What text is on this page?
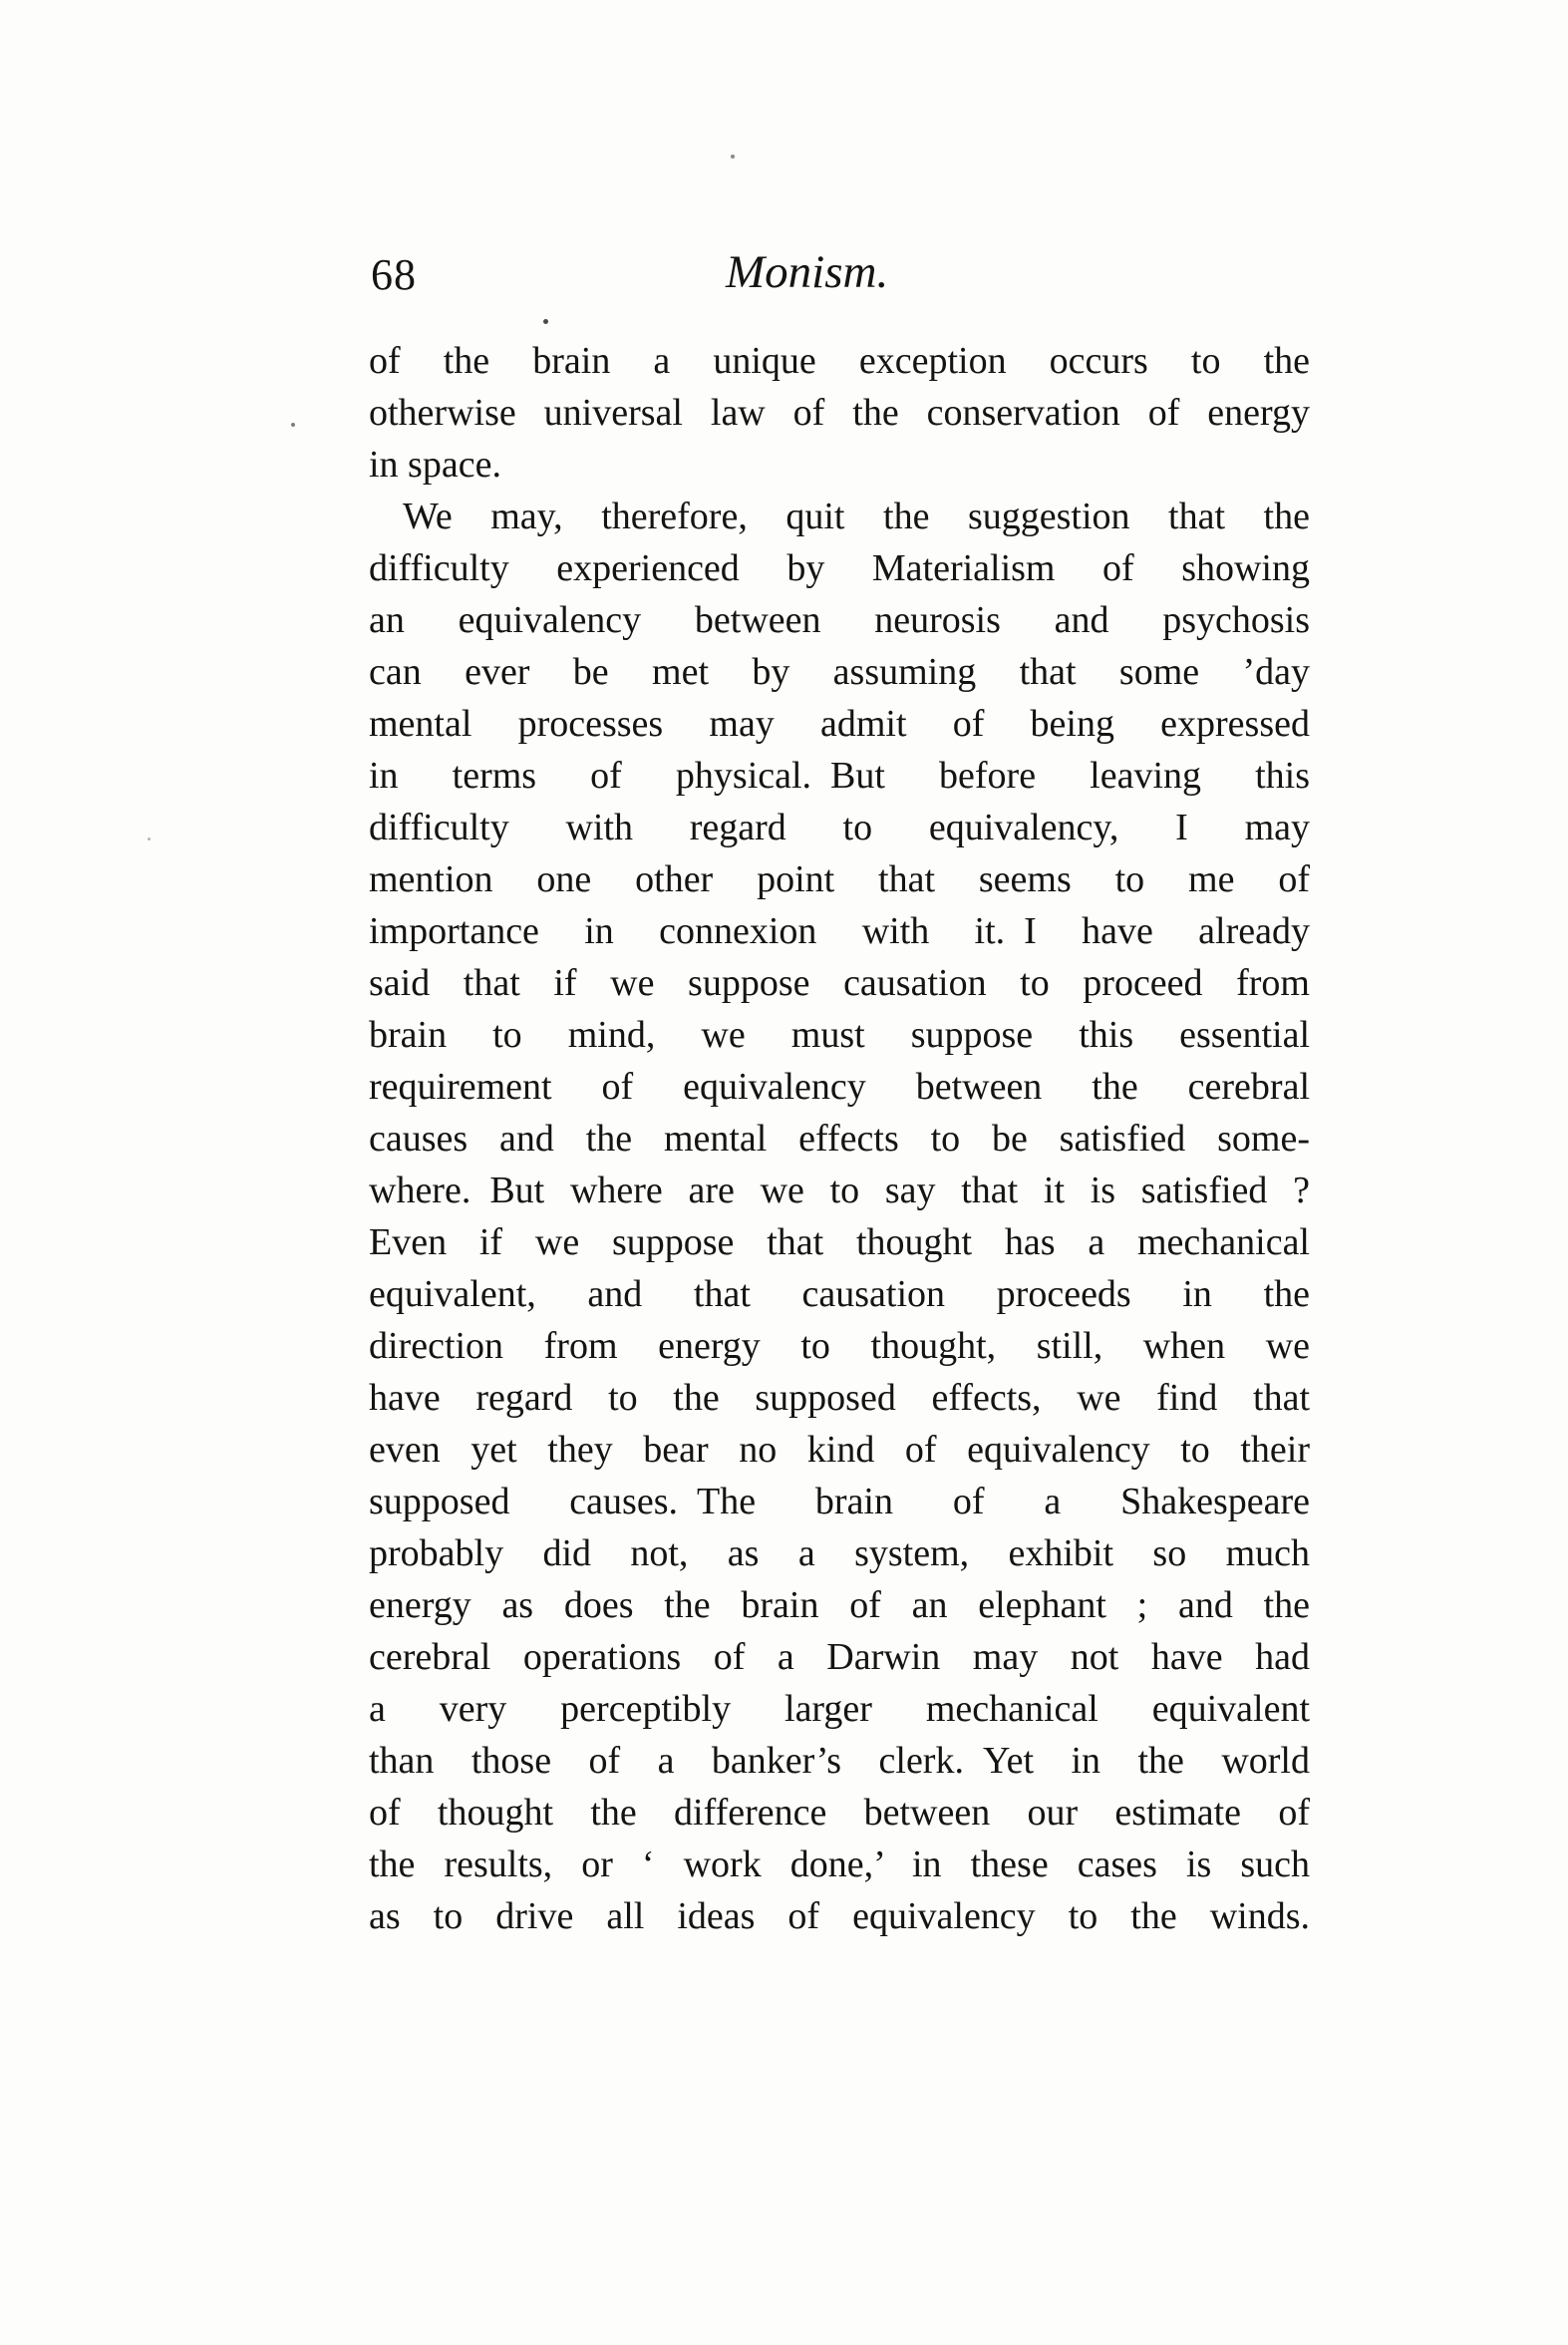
68	Monism.
of the brain a unique exception occurs to the
otherwise universal law of the conservation of energy
in space.
We may, therefore, quit the suggestion that the
difficulty experienced by Materialism of showing
an equivalency between neurosis and psychosis
can ever be met by assuming that some ’day
mental processes may admit of being expressed
in terms of physical. But before leaving this
difficulty with regard to equivalency, I may
mention one other point that seems to me of
importance in connexion with it. I have already
said that if we suppose causation to proceed from
brain to mind, we must suppose this essential
requirement of equivalency between the cerebral
causes and the mental effects to be satisfied some-
where. But where are we to say that it is satisfied ?
Even if we suppose that thought has a mechanical
equivalent, and that causation proceeds in the
direction from energy to thought, still, when we
have regard to the supposed effects, we find that
even yet they bear no kind of equivalency to their
supposed causes. The brain of a Shakespeare
probably did not, as a system, exhibit so much
energy as does the brain of an elephant ; and the
cerebral operations of a Darwin may not have had
a very perceptibly larger mechanical equivalent
than those of a banker’s clerk. Yet in the world
of thought the difference between our estimate of
the results, or ‘ work done,’ in these cases is such
as to drive all ideas of equivalency to the winds.
